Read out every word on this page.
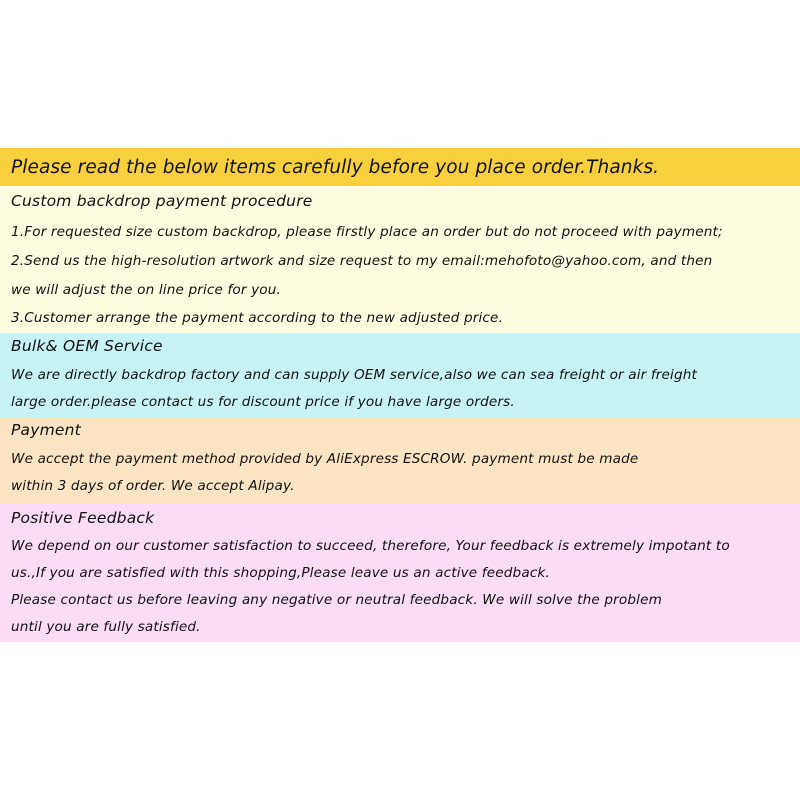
Please read the below items carefully before you place order.Thanks.
Custom backdrop payment procedure
1.For requested size custom backdrop, please firstly place an order but do not proceed with payment;
2.Send us the high-resolution artwork and size request to my email:mehofoto@yahoo.com, and then
we will adjust the on line price for you.
3.Customer arrange the payment according to the new adjusted price.
Bulk& OEM Service
We are directly backdrop factory and can supply OEM service,also we can sea freight or air freight
large order.please contact us for discount price if you have large orders.
Payment
We accept the payment method provided by AliExpress ESCROW. payment must be made
within 3 days of order. We accept Alipay.
Positive Feedback
We depend on our customer satisfaction to succeed, therefore, Your feedback is extremely impotant to
us.,If you are satisfied with this shopping,Please leave us an active feedback.
Please contact us before leaving any negative or neutral feedback. We will solve the problem
until you are fully satisfied.
